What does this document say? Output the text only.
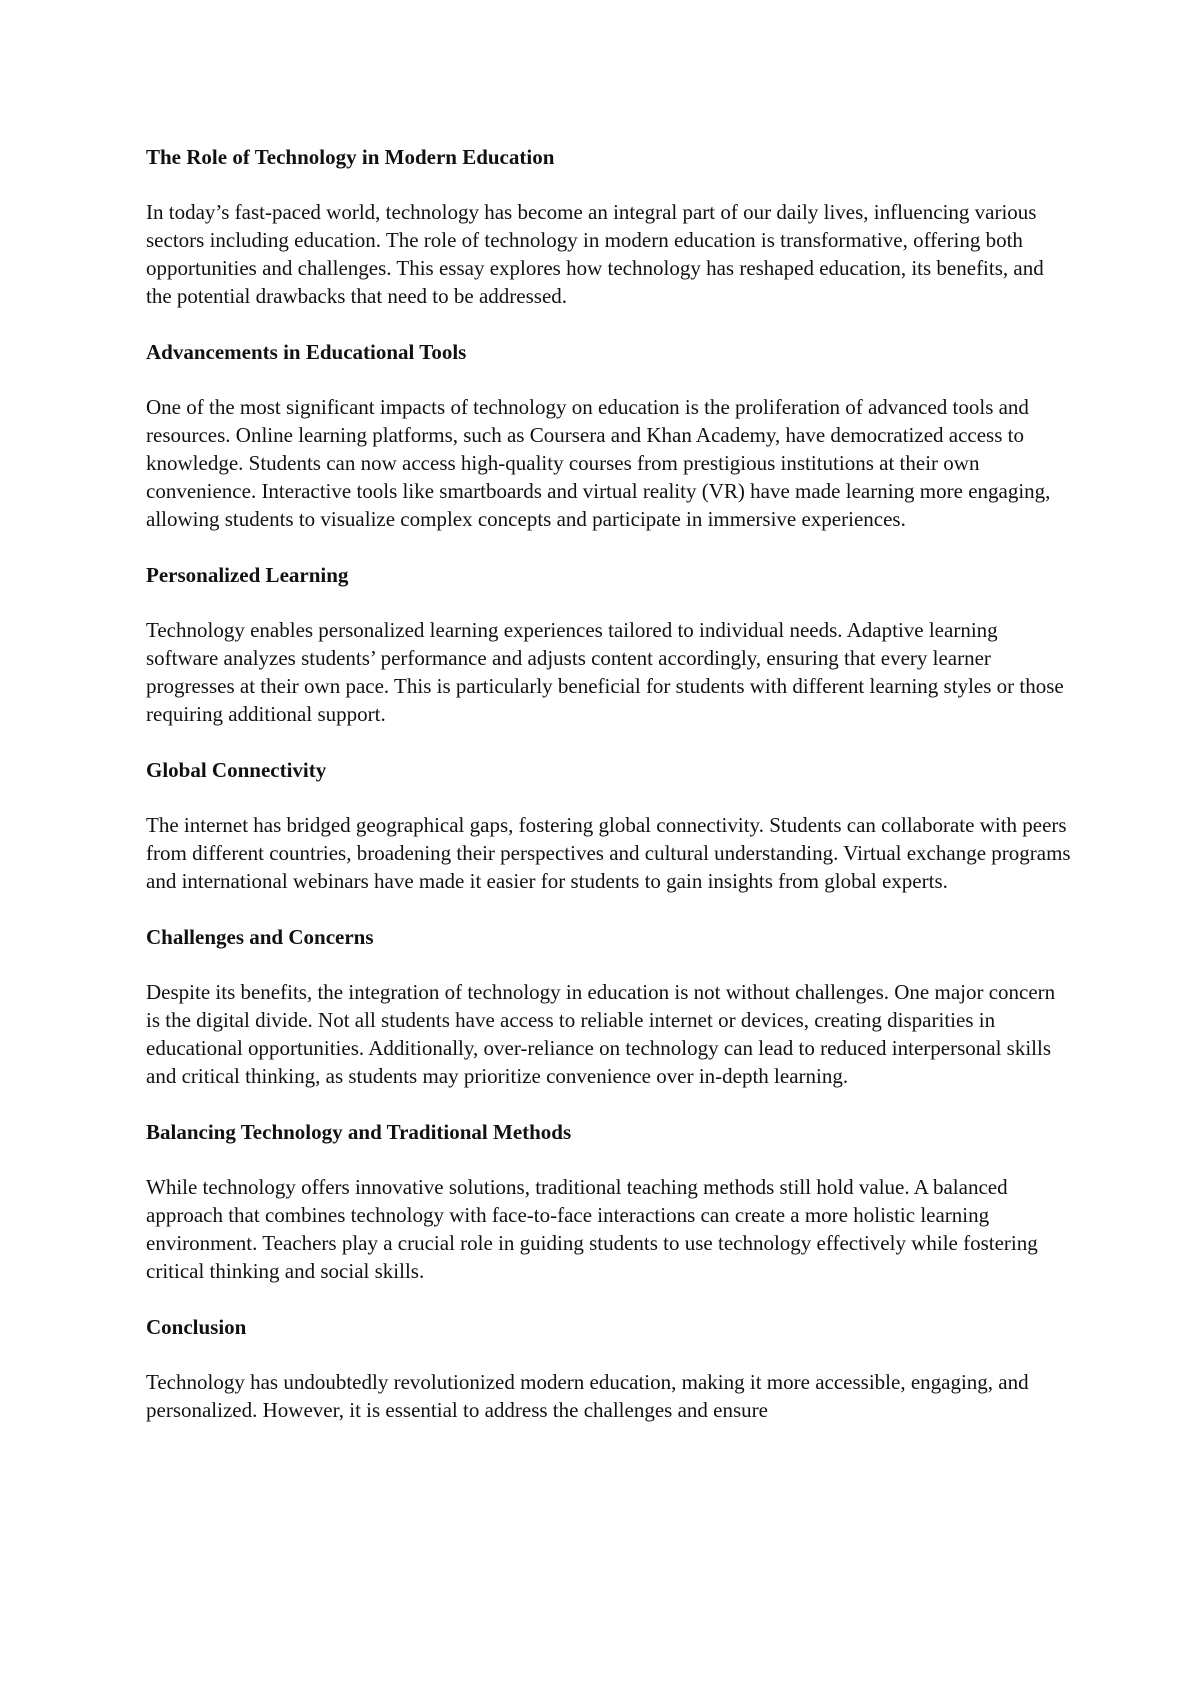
The Role of Technology in Modern Education
In today’s fast-paced world, technology has become an integral part of our daily lives, influencing various sectors including education. The role of technology in modern education is transformative, offering both opportunities and challenges. This essay explores how technology has reshaped education, its benefits, and the potential drawbacks that need to be addressed.
Advancements in Educational Tools
One of the most significant impacts of technology on education is the proliferation of advanced tools and resources. Online learning platforms, such as Coursera and Khan Academy, have democratized access to knowledge. Students can now access high-quality courses from prestigious institutions at their own convenience. Interactive tools like smartboards and virtual reality (VR) have made learning more engaging, allowing students to visualize complex concepts and participate in immersive experiences.
Personalized Learning
Technology enables personalized learning experiences tailored to individual needs. Adaptive learning software analyzes students’ performance and adjusts content accordingly, ensuring that every learner progresses at their own pace. This is particularly beneficial for students with different learning styles or those requiring additional support.
Global Connectivity
The internet has bridged geographical gaps, fostering global connectivity. Students can collaborate with peers from different countries, broadening their perspectives and cultural understanding. Virtual exchange programs and international webinars have made it easier for students to gain insights from global experts.
Challenges and Concerns
Despite its benefits, the integration of technology in education is not without challenges. One major concern is the digital divide. Not all students have access to reliable internet or devices, creating disparities in educational opportunities. Additionally, over-reliance on technology can lead to reduced interpersonal skills and critical thinking, as students may prioritize convenience over in-depth learning.
Balancing Technology and Traditional Methods
While technology offers innovative solutions, traditional teaching methods still hold value. A balanced approach that combines technology with face-to-face interactions can create a more holistic learning environment. Teachers play a crucial role in guiding students to use technology effectively while fostering critical thinking and social skills.
Conclusion
Technology has undoubtedly revolutionized modern education, making it more accessible, engaging, and personalized. However, it is essential to address the challenges and ensure
